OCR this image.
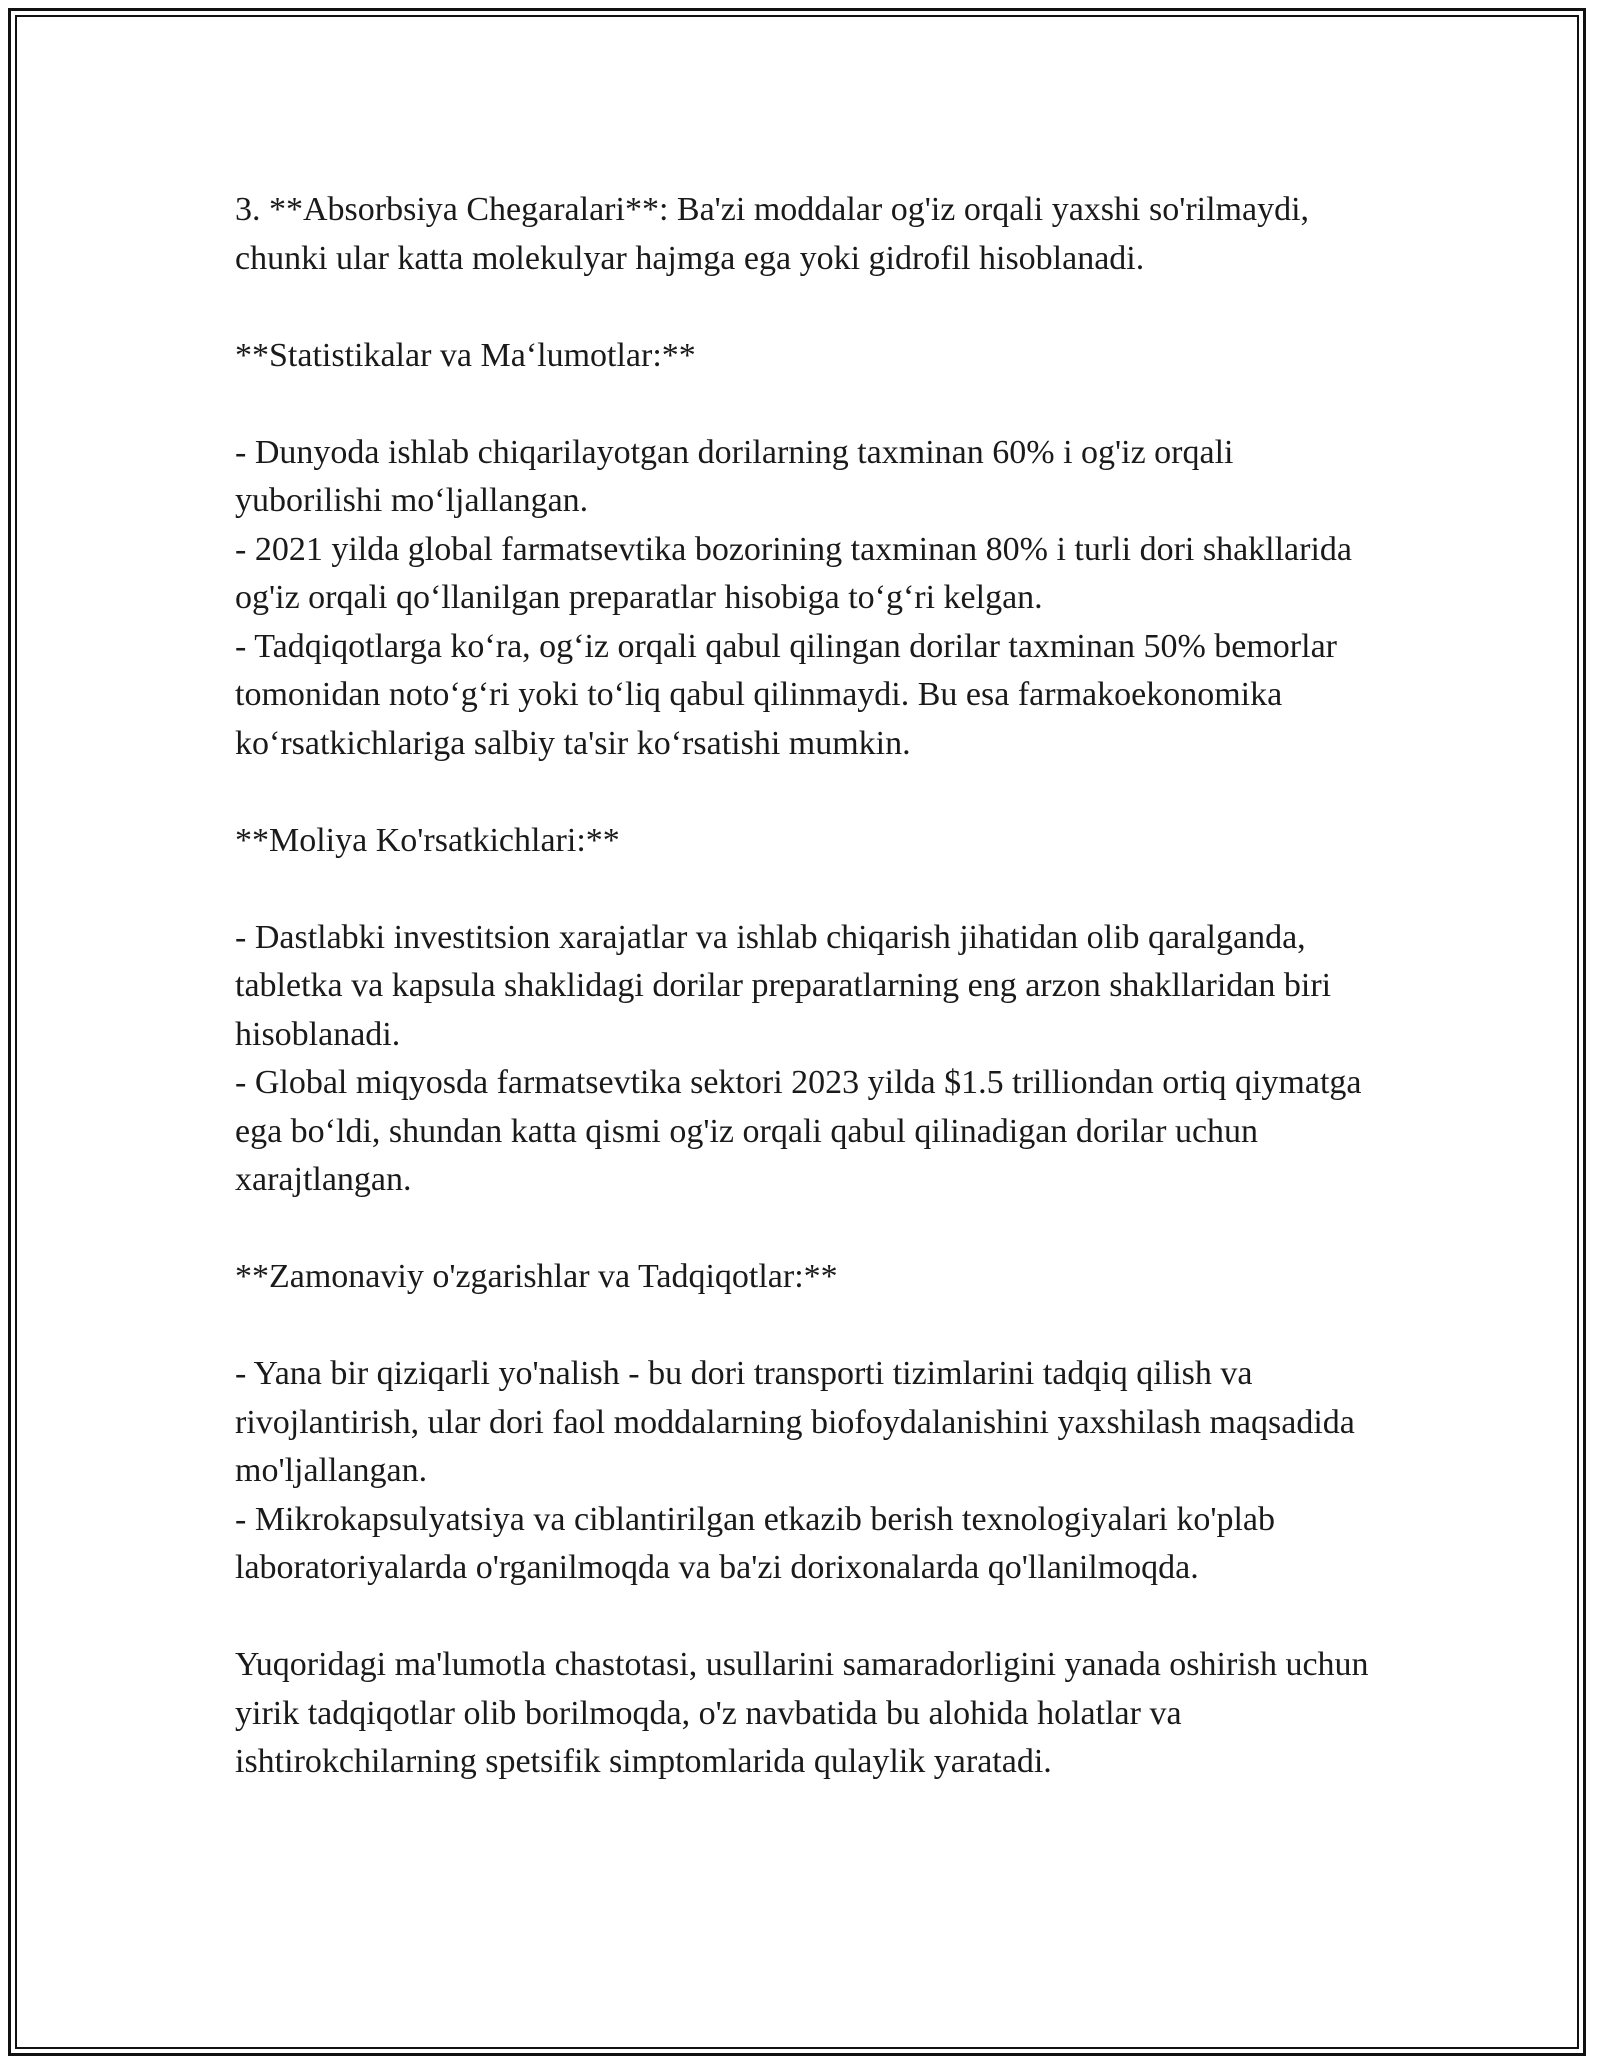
3. **Absorbsiya Chegaralari**: Ba'zi moddalar og'iz orqali yaxshi so'rilmaydi, chunki ular katta molekulyar hajmga ega yoki gidrofil hisoblanadi.

**Statistikalar va Maʻlumotlar:**

- Dunyoda ishlab chiqarilayotgan dorilarning taxminan 60% i og'iz orqali yuborilishi moʻljallangan.

- 2021 yilda global farmatsevtika bozorining taxminan 80% i turli dori shakllarida og'iz orqali qoʻllanilgan preparatlar hisobiga toʻgʻri kelgan.

- Tadqiqotlarga koʻra, ogʻiz orqali qabul qilingan dorilar taxminan 50% bemorlar tomonidan notoʻgʻri yoki toʻliq qabul qilinmaydi. Bu esa farmakoekonomika koʻrsatkichlariga salbiy ta'sir koʻrsatishi mumkin.

**Moliya Ko'rsatkichlari:**

- Dastlabki investitsion xarajatlar va ishlab chiqarish jihatidan olib qaralganda, tabletka va kapsula shaklidagi dorilar preparatlarning eng arzon shakllaridan biri hisoblanadi.

- Global miqyosda farmatsevtika sektori 2023 yilda $1.5 trilliondan ortiq qiymatga ega boʻldi, shundan katta qismi og'iz orqali qabul qilinadigan dorilar uchun xarajtlangan.

**Zamonaviy o'zgarishlar va Tadqiqotlar:**

- Yana bir qiziqarli yo'nalish - bu dori transporti tizimlarini tadqiq qilish va rivojlantirish, ular dori faol moddalarning biofoydalanishini yaxshilash maqsadida mo'ljallangan.

- Mikrokapsulyatsiya va ciblantirilgan etkazib berish texnologiyalari ko'plab laboratoriyalarda o'rganilmoqda va ba'zi dorixonalarda qo'llanilmoqda.

Yuqoridagi ma'lumotla chastotasi, usullarini samaradorligini yanada oshirish uchun yirik tadqiqotlar olib borilmoqda, o'z navbatida bu alohida holatlar va ishtirokchilarning spetsifik simptomlarida qulaylik yaratadi.
